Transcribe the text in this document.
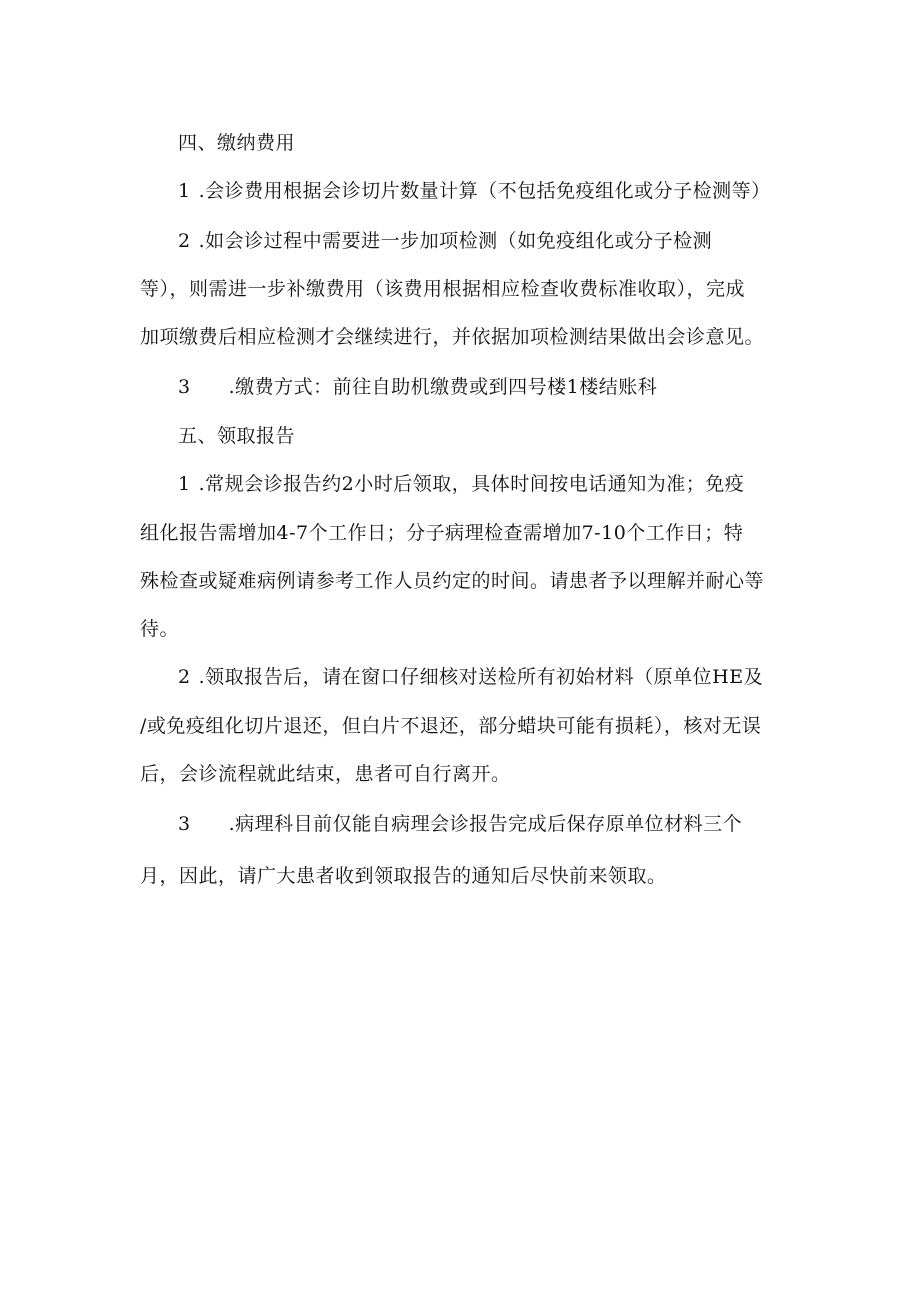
四、缴纳费用
1 .会诊费用根据会诊切片数量计算（不包括免疫组化或分子检测等）
2 .如会诊过程中需要进一步加项检测（如免疫组化或分子检测
等），则需进一步补缴费用（该费用根据相应检查收费标准收取），完成
加项缴费后相应检测才会继续进行，并依据加项检测结果做出会诊意见。
3 .缴费方式：前往自助机缴费或到四号楼1楼结账科
五、领取报告
1 .常规会诊报告约2小时后领取，具体时间按电话通知为准；免疫
组化报告需增加4-7个工作日；分子病理检查需增加7-10个工作日；特
殊检查或疑难病例请参考工作人员约定的时间。请患者予以理解并耐心等
待。
2 .领取报告后，请在窗口仔细核对送检所有初始材料（原单位HE及
/或免疫组化切片退还，但白片不退还，部分蜡块可能有损耗），核对无误
后，会诊流程就此结束，患者可自行离开。
3 .病理科目前仅能自病理会诊报告完成后保存原单位材料三个
月，因此，请广大患者收到领取报告的通知后尽快前来领取。
